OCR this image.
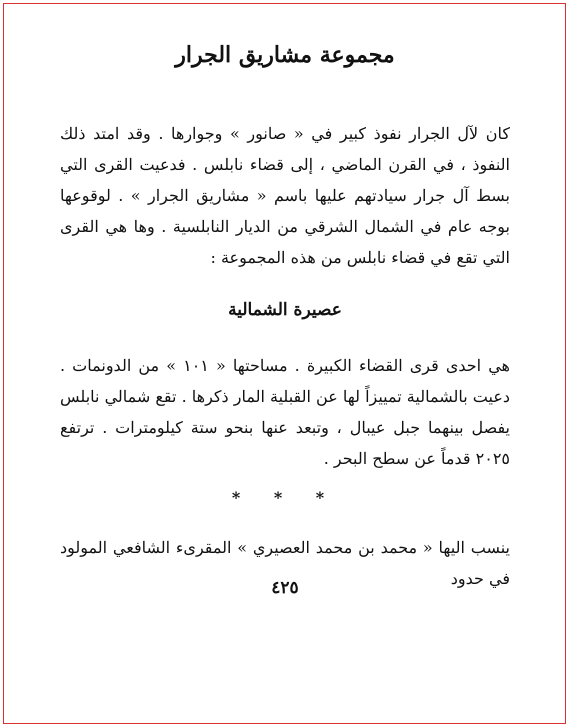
مجموعة مشاريق الجرار

كان لآل الجرار نفوذ كبير في « صانور » وجوارها . وقد امتد ذلك النفوذ ، في القرن الماضي ، إلى قضاء نابلس . فدعيت القرى التي بسط آل جرار سيادتهم عليها باسم « مشاريق الجرار » . لوقوعها بوجه عام في الشمال الشرقي من الديار النابلسية . وها هي القرى التي تقع في قضاء نابلس من هذه المجموعة :

عصيرة الشمالية

هي احدى قرى القضاء الكبيرة . مساحتها « ١٠١ » من الدونمات . دعيت بالشمالية تمييزاً لها عن القبلية المار ذكرها . تقع شمالي نابلس يفصل بينهما جبل عيبال ، وتبعد عنها بنحو ستة كيلومترات . ترتفع ٢٠٢٥ قدماً عن سطح البحر .

* * *

ينسب اليها « محمد بن محمد العصيري » المقرىء الشافعي المولود في حدود

٤٢٥
